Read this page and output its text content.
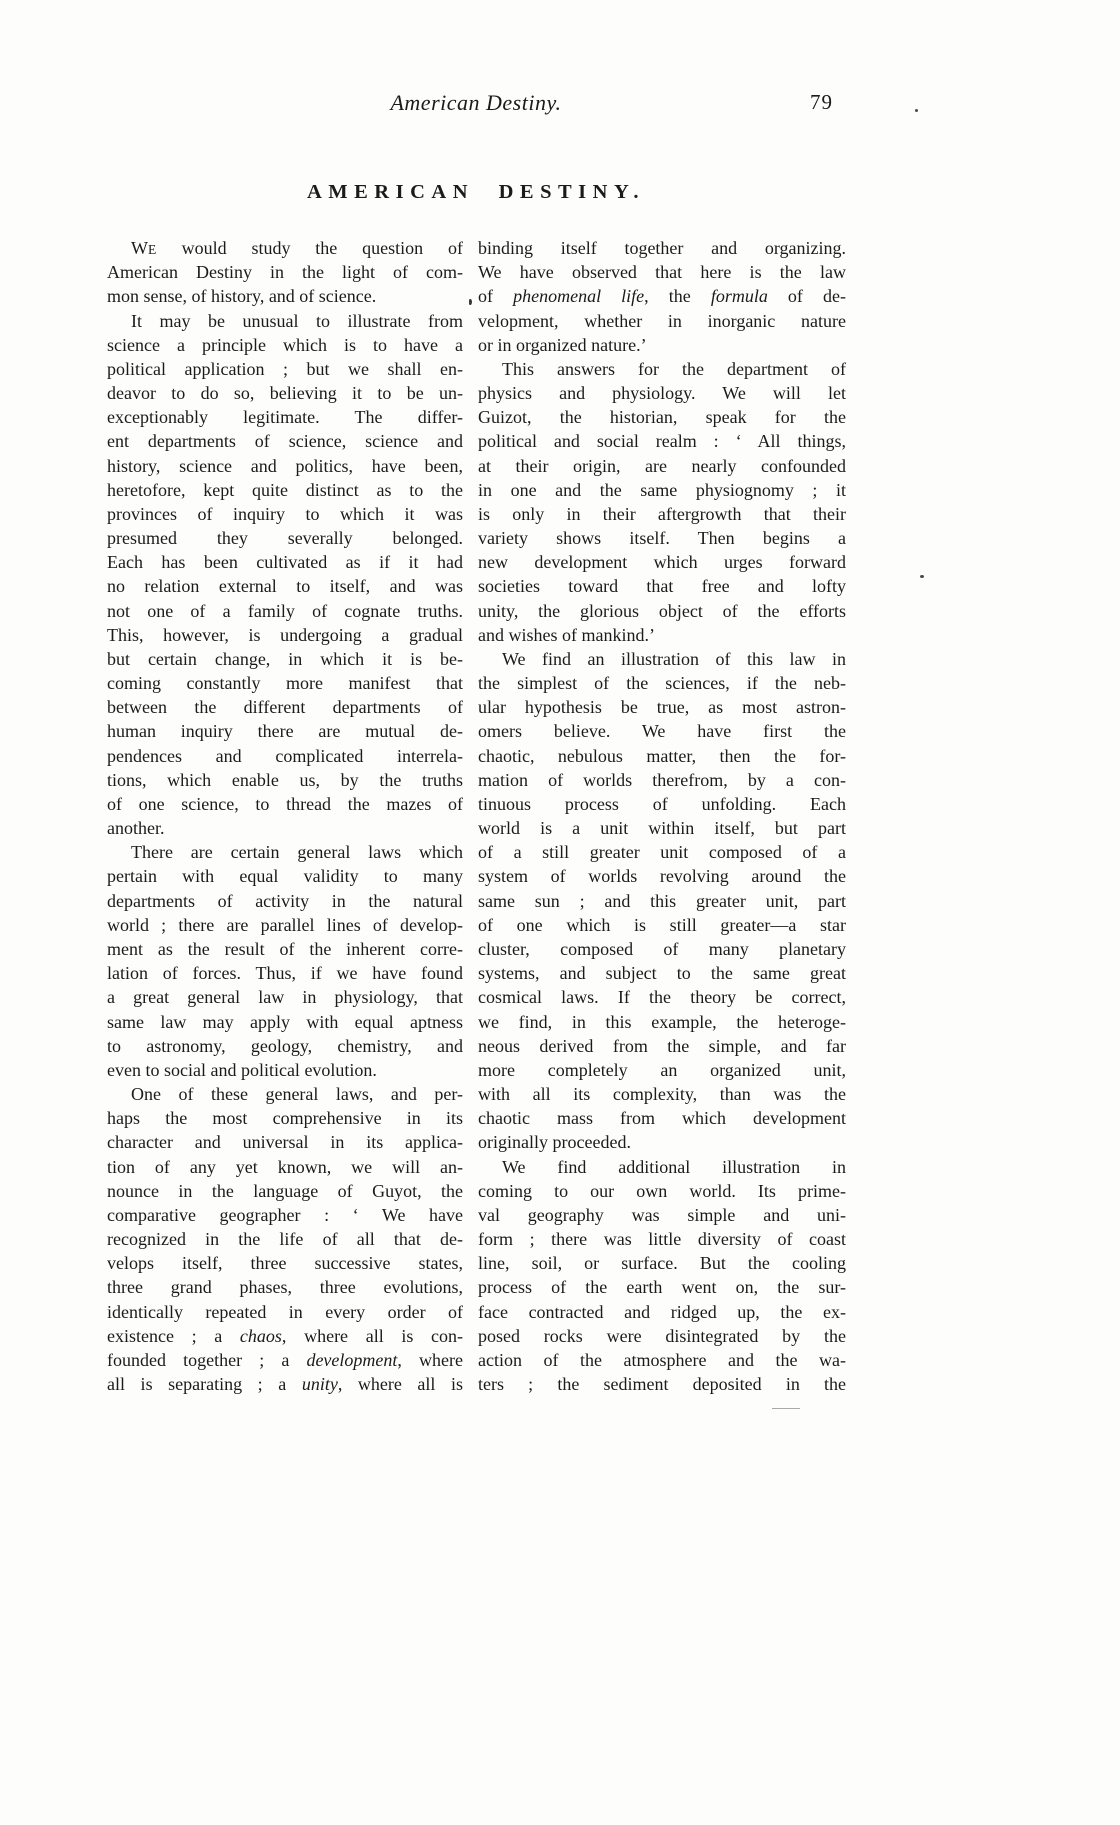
American Destiny.	79
AMERICAN DESTINY.
WE would study the question of
American Destiny in the light of com-
mon sense, of history, and of science.
It may be unusual to illustrate from
science a principle which is to have a
political application ; but we shall en-
deavor to do so, believing it to be un-
exceptionably legitimate. The differ-
ent departments of science, science and
history, science and politics, have been,
heretofore, kept quite distinct as to the
provinces of inquiry to which it was
presumed they severally belonged.
Each has been cultivated as if it had
no relation external to itself, and was
not one of a family of cognate truths.
This, however, is undergoing a gradual
but certain change, in which it is be-
coming constantly more manifest that
between the different departments of
human inquiry there are mutual de-
pendences and complicated interrela-
tions, which enable us, by the truths
of one science, to thread the mazes of
another.
There are certain general laws which
pertain with equal validity to many
departments of activity in the natural
world ; there are parallel lines of develop-
ment as the result of the inherent corre-
lation of forces. Thus, if we have found
a great general law in physiology, that
same law may apply with equal aptness
to astronomy, geology, chemistry, and
even to social and political evolution.
One of these general laws, and per-
haps the most comprehensive in its
character and universal in its applica-
tion of any yet known, we will an-
nounce in the language of Guyot, the
comparative geographer : ‘ We have
recognized in the life of all that de-
velops itself, three successive states,
three grand phases, three evolutions,
identically repeated in every order of
existence ; a chaos, where all is con-
founded together ; a development, where
all is separating ; a unity, where all is
binding itself together and organizing.
We have observed that here is the law
of phenomenal life, the formula of de-
velopment, whether in inorganic nature
or in organized nature.’
This answers for the department of
physics and physiology. We will let
Guizot, the historian, speak for the
political and social realm : ‘ All things,
at their origin, are nearly confounded
in one and the same physiognomy ; it
is only in their aftergrowth that their
variety shows itself. Then begins a
new development which urges forward
societies toward that free and lofty
unity, the glorious object of the efforts
and wishes of mankind.’
We find an illustration of this law in
the simplest of the sciences, if the neb-
ular hypothesis be true, as most astron-
omers believe. We have first the
chaotic, nebulous matter, then the for-
mation of worlds therefrom, by a con-
tinuous process of unfolding. Each
world is a unit within itself, but part
of a still greater unit composed of a
system of worlds revolving around the
same sun ; and this greater unit, part
of one which is still greater—a star
cluster, composed of many planetary
systems, and subject to the same great
cosmical laws. If the theory be correct,
we find, in this example, the heteroge-
neous derived from the simple, and far
more completely an organized unit,
with all its complexity, than was the
chaotic mass from which development
originally proceeded.
We find additional illustration in
coming to our own world. Its prime-
val geography was simple and uni-
form ; there was little diversity of coast
line, soil, or surface. But the cooling
process of the earth went on, the sur-
face contracted and ridged up, the ex-
posed rocks were disintegrated by the
action of the atmosphere and the wa-
ters ; the sediment deposited in the
